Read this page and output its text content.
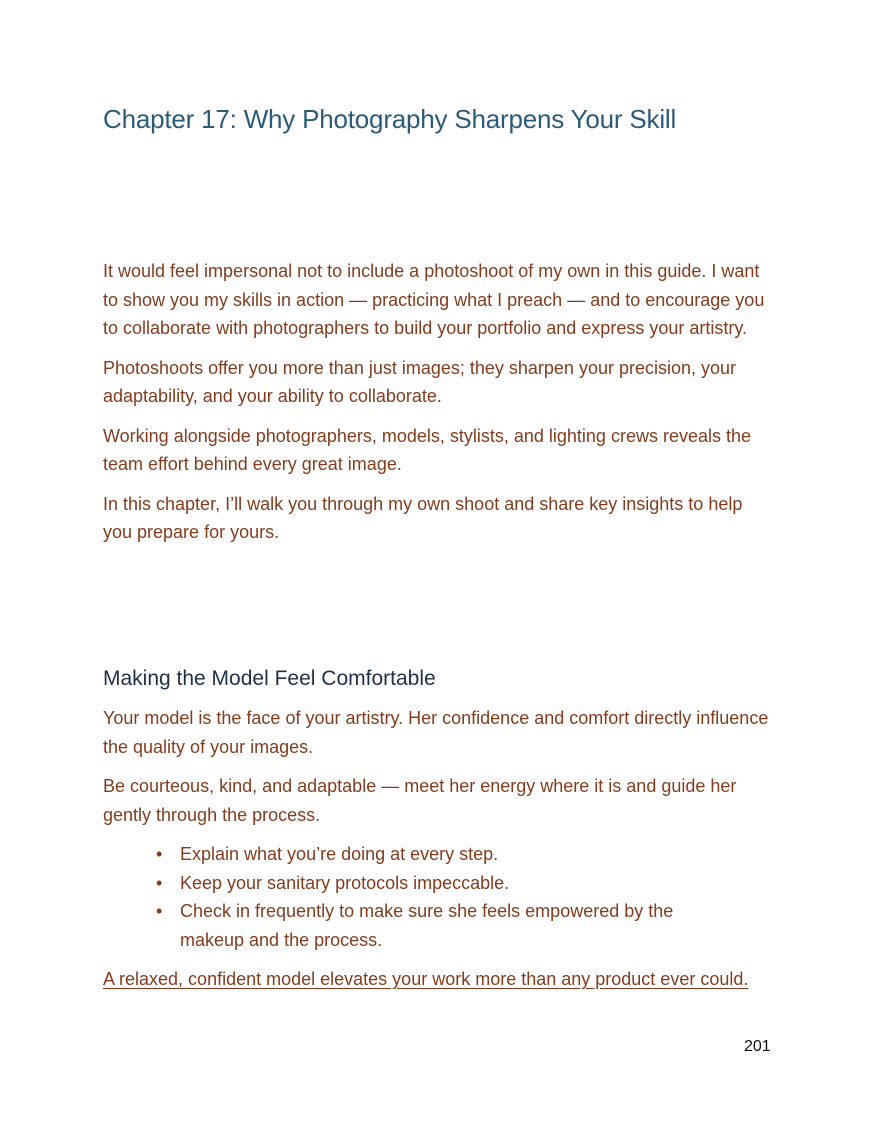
Chapter 17: Why Photography Sharpens Your Skill

It would feel impersonal not to include a photoshoot of my own in this guide. I want to show you my skills in action — practicing what I preach — and to encourage you to collaborate with photographers to build your portfolio and express your artistry.

Photoshoots offer you more than just images; they sharpen your precision, your adaptability, and your ability to collaborate.

Working alongside photographers, models, stylists, and lighting crews reveals the team effort behind every great image.

In this chapter, I’ll walk you through my own shoot and share key insights to help you prepare for yours.

Making the Model Feel Comfortable

Your model is the face of your artistry. Her confidence and comfort directly influence the quality of your images.

Be courteous, kind, and adaptable — meet her energy where it is and guide her gently through the process.

• Explain what you’re doing at every step.
• Keep your sanitary protocols impeccable.
• Check in frequently to make sure she feels empowered by the makeup and the process.

A relaxed, confident model elevates your work more than any product ever could.

201
